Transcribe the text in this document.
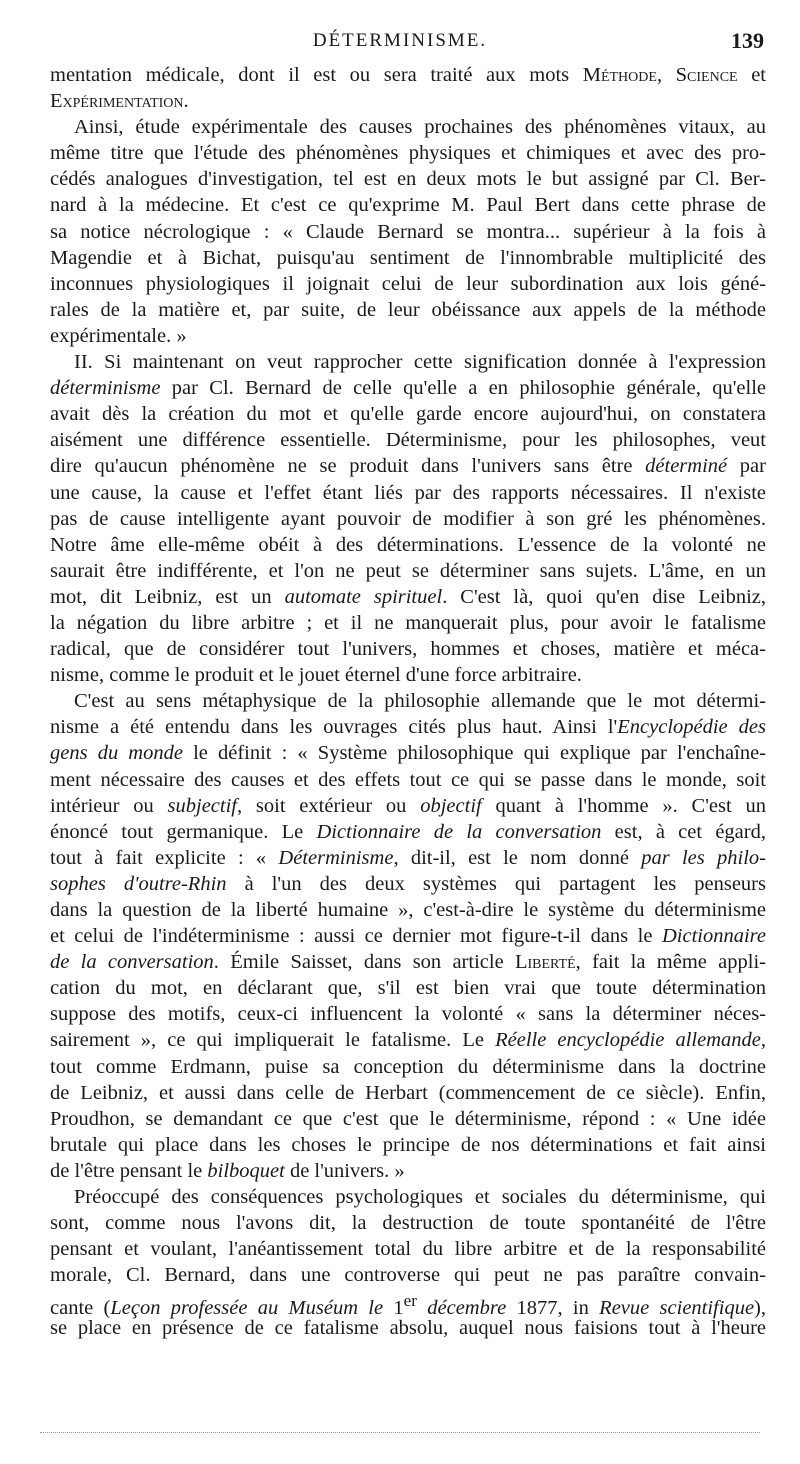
DÉTERMINISME.	139
mentation médicale, dont il est ou sera traité aux mots Méthode, Science et
Expérimentation.
Ainsi, étude expérimentale des causes prochaines des phénomènes vitaux, au
même titre que l'étude des phénomènes physiques et chimiques et avec des pro-
cédés analogues d'investigation, tel est en deux mots le but assigné par Cl. Ber-
nard à la médecine. Et c'est ce qu'exprime M. Paul Bert dans cette phrase de
sa notice nécrologique : « Claude Bernard se montra... supérieur à la fois à
Magendie et à Bichat, puisqu'au sentiment de l'innombrable multiplicité des
inconnues physiologiques il joignait celui de leur subordination aux lois géné-
rales de la matière et, par suite, de leur obéissance aux appels de la méthode
expérimentale. »
II. Si maintenant on veut rapprocher cette signification donnée à l'expression
déterminisme par Cl. Bernard de celle qu'elle a en philosophie générale, qu'elle
avait dès la création du mot et qu'elle garde encore aujourd'hui, on constatera
aisément une différence essentielle. Déterminisme, pour les philosophes, veut
dire qu'aucun phénomène ne se produit dans l'univers sans être déterminé par
une cause, la cause et l'effet étant liés par des rapports nécessaires. Il n'existe
pas de cause intelligente ayant pouvoir de modifier à son gré les phénomènes.
Notre âme elle-même obéit à des déterminations. L'essence de la volonté ne
saurait être indifférente, et l'on ne peut se déterminer sans sujets. L'âme, en un
mot, dit Leibniz, est un automate spirituel. C'est là, quoi qu'en dise Leibniz,
la négation du libre arbitre ; et il ne manquerait plus, pour avoir le fatalisme
radical, que de considérer tout l'univers, hommes et choses, matière et méca-
nisme, comme le produit et le jouet éternel d'une force arbitraire.
C'est au sens métaphysique de la philosophie allemande que le mot détermi-
nisme a été entendu dans les ouvrages cités plus haut. Ainsi l'Encyclopédie des
gens du monde le définit : « Système philosophique qui explique par l'enchaîne-
ment nécessaire des causes et des effets tout ce qui se passe dans le monde, soit
intérieur ou subjectif, soit extérieur ou objectif quant à l'homme ». C'est un
énoncé tout germanique. Le Dictionnaire de la conversation est, à cet égard,
tout à fait explicite : « Déterminisme, dit-il, est le nom donné par les philo-
sophes d'outre-Rhin à l'un des deux systèmes qui partagent les penseurs
dans la question de la liberté humaine », c'est-à-dire le système du déterminisme
et celui de l'indéterminisme : aussi ce dernier mot figure-t-il dans le Dictionnaire
de la conversation. Émile Saisset, dans son article Liberté, fait la même appli-
cation du mot, en déclarant que, s'il est bien vrai que toute détermination
suppose des motifs, ceux-ci influencent la volonté « sans la déterminer néces-
sairement », ce qui impliquerait le fatalisme. Le Réelle encyclopédie allemande,
tout comme Erdmann, puise sa conception du déterminisme dans la doctrine
de Leibniz, et aussi dans celle de Herbart (commencement de ce siècle). Enfin,
Proudhon, se demandant ce que c'est que le déterminisme, répond : « Une idée
brutale qui place dans les choses le principe de nos déterminations et fait ainsi
de l'être pensant le bilboquet de l'univers. »
Préoccupé des conséquences psychologiques et sociales du déterminisme, qui
sont, comme nous l'avons dit, la destruction de toute spontanéité de l'être
pensant et voulant, l'anéantissement total du libre arbitre et de la responsabilité
morale, Cl. Bernard, dans une controverse qui peut ne pas paraître convain-
cante (Leçon professée au Muséum le 1er décembre 1877, in Revue scientifique),
se place en présence de ce fatalisme absolu, auquel nous faisions tout à l'heure
